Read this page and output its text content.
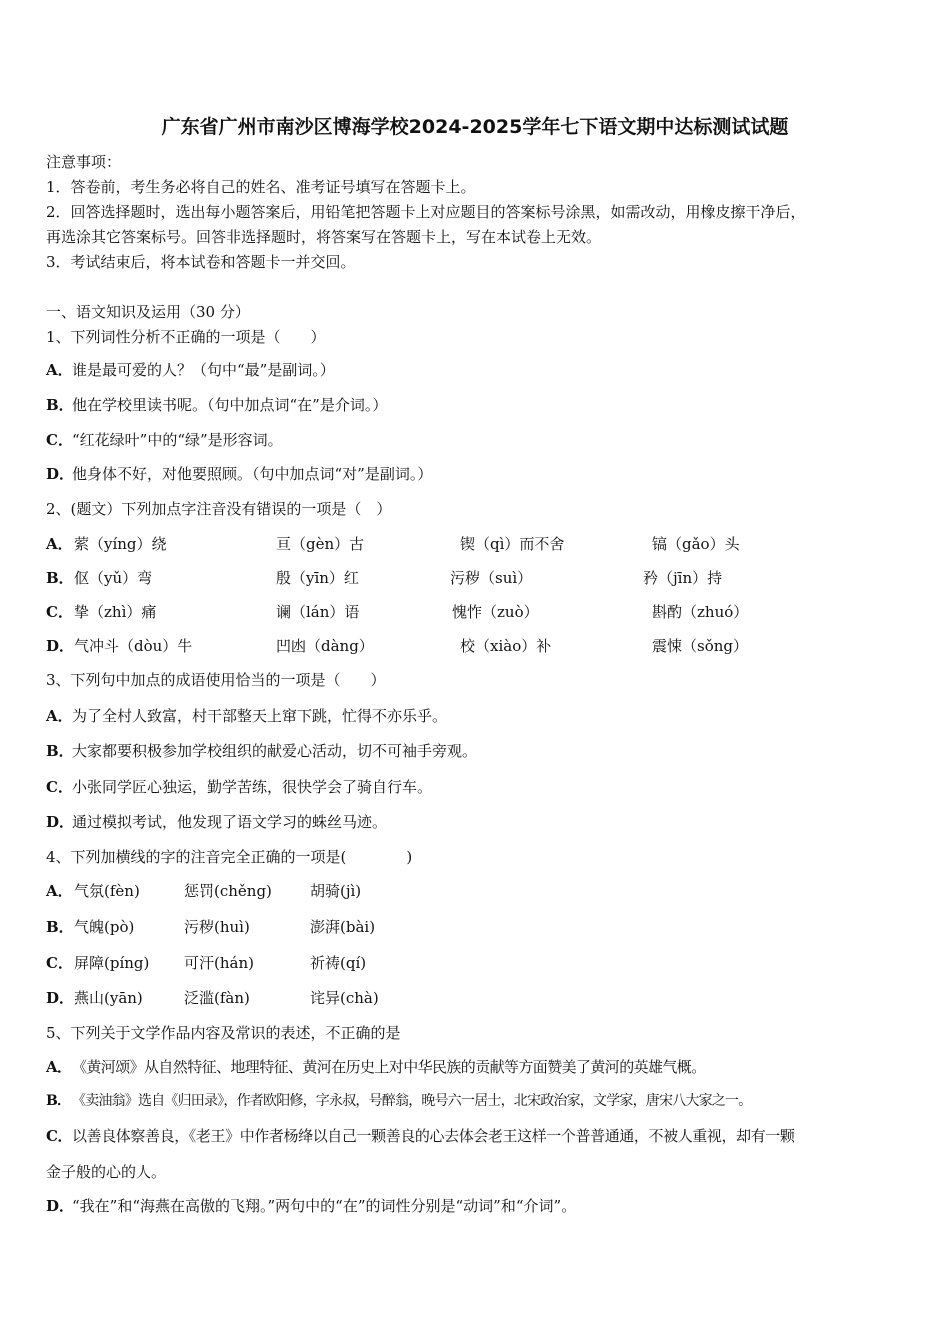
广东省广州市南沙区博海学校2024-2025学年七下语文期中达标测试试题
注意事项：
1．答卷前，考生务必将自己的姓名、准考证号填写在答题卡上。
2．回答选择题时，选出每小题答案后，用铅笔把答题卡上对应题目的答案标号涂黑，如需改动，用橡皮擦干净后，
再选涂其它答案标号。回答非选择题时，将答案写在答题卡上，写在本试卷上无效。
3．考试结束后，将本试卷和答题卡一并交回。
一、语文知识及运用（30 分）
1、下列词性分析不正确的一项是（　　）
A．谁是最可爱的人？（句中“最”是副词。）
B．他在学校里读书呢。（句中加点词“在”是介词。）
C．“红花绿叶”中的“绿”是形容词。
D．他身体不好，对他要照顾。（句中加点词“对”是副词。）
2、(题文）下列加点字注音没有错误的一项是（　）
A． 萦（yíng）绕	亘（gèn）古	锲（qì）而不舍	镐（gǎo）头
B． 伛（yǔ）弯	殷（yīn）红	污秽（suì）	矜（jīn）持
C． 挚（zhì）痛	谰（lán）语	愧怍（zuò）	斟酌（zhuó）
D． 气冲斗（dòu）牛	凹凼（dàng）	校（xiào）补	震悚（sǒng）
3、下列句中加点的成语使用恰当的一项是（　　）
A．为了全村人致富，村干部整天上窜下跳，忙得不亦乐乎。
B．大家都要积极参加学校组织的献爱心活动，切不可袖手旁观。
C．小张同学匠心独运，勤学苦练，很快学会了骑自行车。
D．通过模拟考试，他发现了语文学习的蛛丝马迹。
4、下列加横线的字的注音完全正确的一项是(　　　　)
A． 气氛(fèn)	惩罚(chěng)	胡骑(jì)
B． 气魄(pò)	污秽(huì)	澎湃(bài)
C． 屏障(píng) 可汗(hán)	祈祷(qí)
D． 燕山(yān)	泛滥(fàn)	诧异(chà)
5、下列关于文学作品内容及常识的表述，不正确的是
A．《黄河颂》从自然特征、地理特征、黄河在历史上对中华民族的贡献等方面赞美了黄河的英雄气概。
B． 《卖油翁》选自《归田录》，作者欧阳修，字永叔，号醉翁，晚号六一居士，北宋政治家，文学家，唐宋八大家之一。
C．以善良体察善良，《老王》中作者杨绛以自己一颗善良的心去体会老王这样一个普普通通，不被人重视，却有一颗
金子般的心的人。
D．“我在”和“海燕在高傲的飞翔。”两句中的“在”的词性分别是“动词”和“介词”。
